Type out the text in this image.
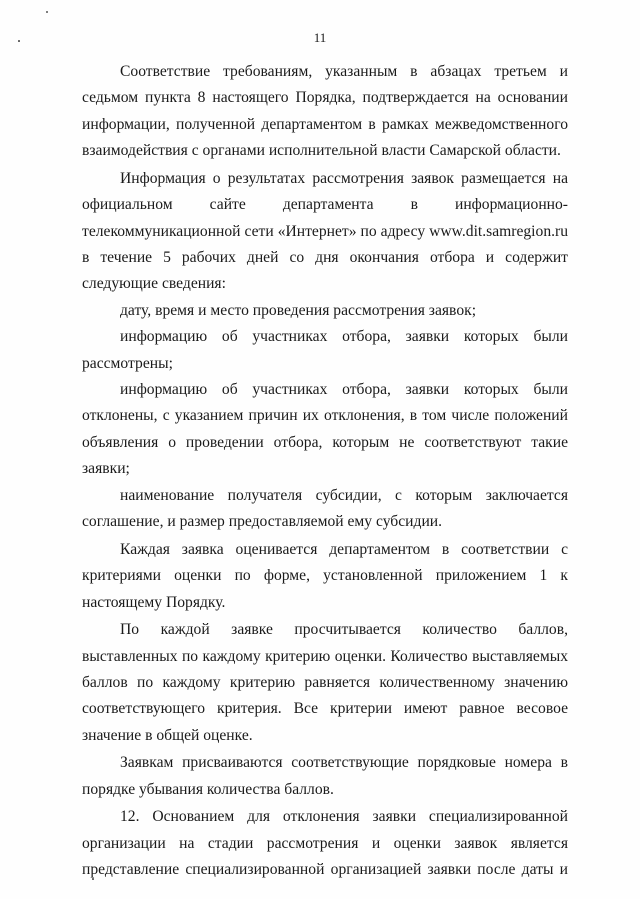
11

Соответствие требованиям, указанным в абзацах третьем и седьмом пункта 8 настоящего Порядка, подтверждается на основании информации, полученной департаментом в рамках межведомственного взаимодействия с органами исполнительной власти Самарской области.

Информация о результатах рассмотрения заявок размещается на официальном сайте департамента в информационно-телекоммуникационной сети «Интернет» по адресу www.dit.samregion.ru в течение 5 рабочих дней со дня окончания отбора и содержит следующие сведения:

дату, время и место проведения рассмотрения заявок;

информацию об участниках отбора, заявки которых были рассмотрены;

информацию об участниках отбора, заявки которых были отклонены, с указанием причин их отклонения, в том числе положений объявления о проведении отбора, которым не соответствуют такие заявки;

наименование получателя субсидии, с которым заключается соглашение, и размер предоставляемой ему субсидии.

Каждая заявка оценивается департаментом в соответствии с критериями оценки по форме, установленной приложением 1 к настоящему Порядку.

По каждой заявке просчитывается количество баллов, выставленных по каждому критерию оценки. Количество выставляемых баллов по каждому критерию равняется количественному значению соответствующего критерия. Все критерии имеют равное весовое значение в общей оценке.

Заявкам присваиваются соответствующие порядковые номера в порядке убывания количества баллов.

12. Основанием для отклонения заявки специализированной организации на стадии рассмотрения и оценки заявок является представление специализированной организацией заявки после даты и
